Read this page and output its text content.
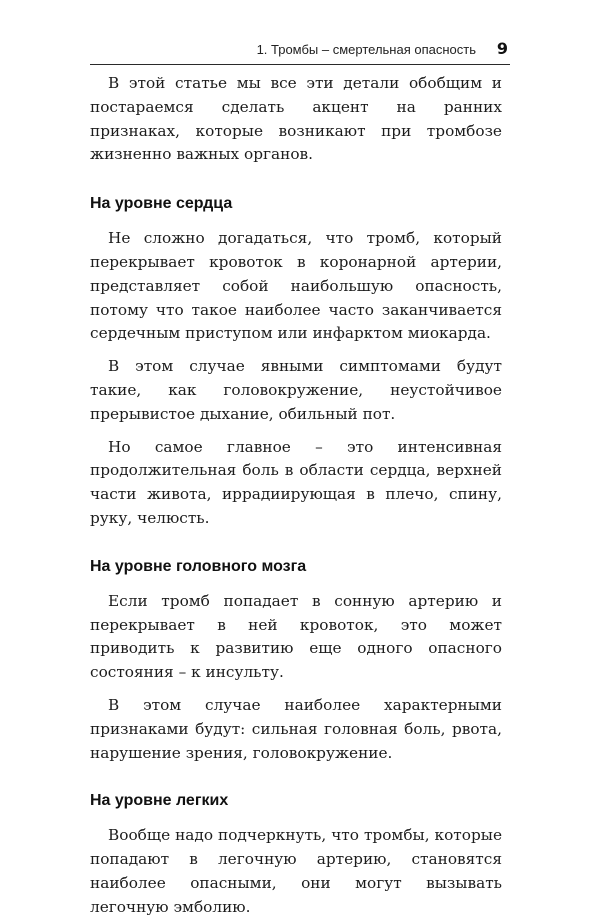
1. Тромбы – смертельная опасность 9

В этой статье мы все эти детали обобщим и постараемся сделать акцент на ранних признаках, которые возникают при тромбозе жизненно важных органов.

На уровне сердца

Не сложно догадаться, что тромб, который перекрывает кровоток в коронарной артерии, представляет собой наибольшую опасность, потому что такое наиболее часто заканчивается сердечным приступом или инфарктом миокарда.

В этом случае явными симптомами будут такие, как головокружение, неустойчивое прерывистое дыхание, обильный пот.

Но самое главное – это интенсивная продолжительная боль в области сердца, верхней части живота, иррадиирующая в плечо, спину, руку, челюсть.

На уровне головного мозга

Если тромб попадает в сонную артерию и перекрывает в ней кровоток, это может приводить к развитию еще одного опасного состояния – к инсульту.

В этом случае наиболее характерными признаками будут: сильная головная боль, рвота, нарушение зрения, головокружение.

На уровне легких

Вообще надо подчеркнуть, что тромбы, которые попадают в легочную артерию, становятся наиболее опасными, они могут вызывать легочную эмболию.
